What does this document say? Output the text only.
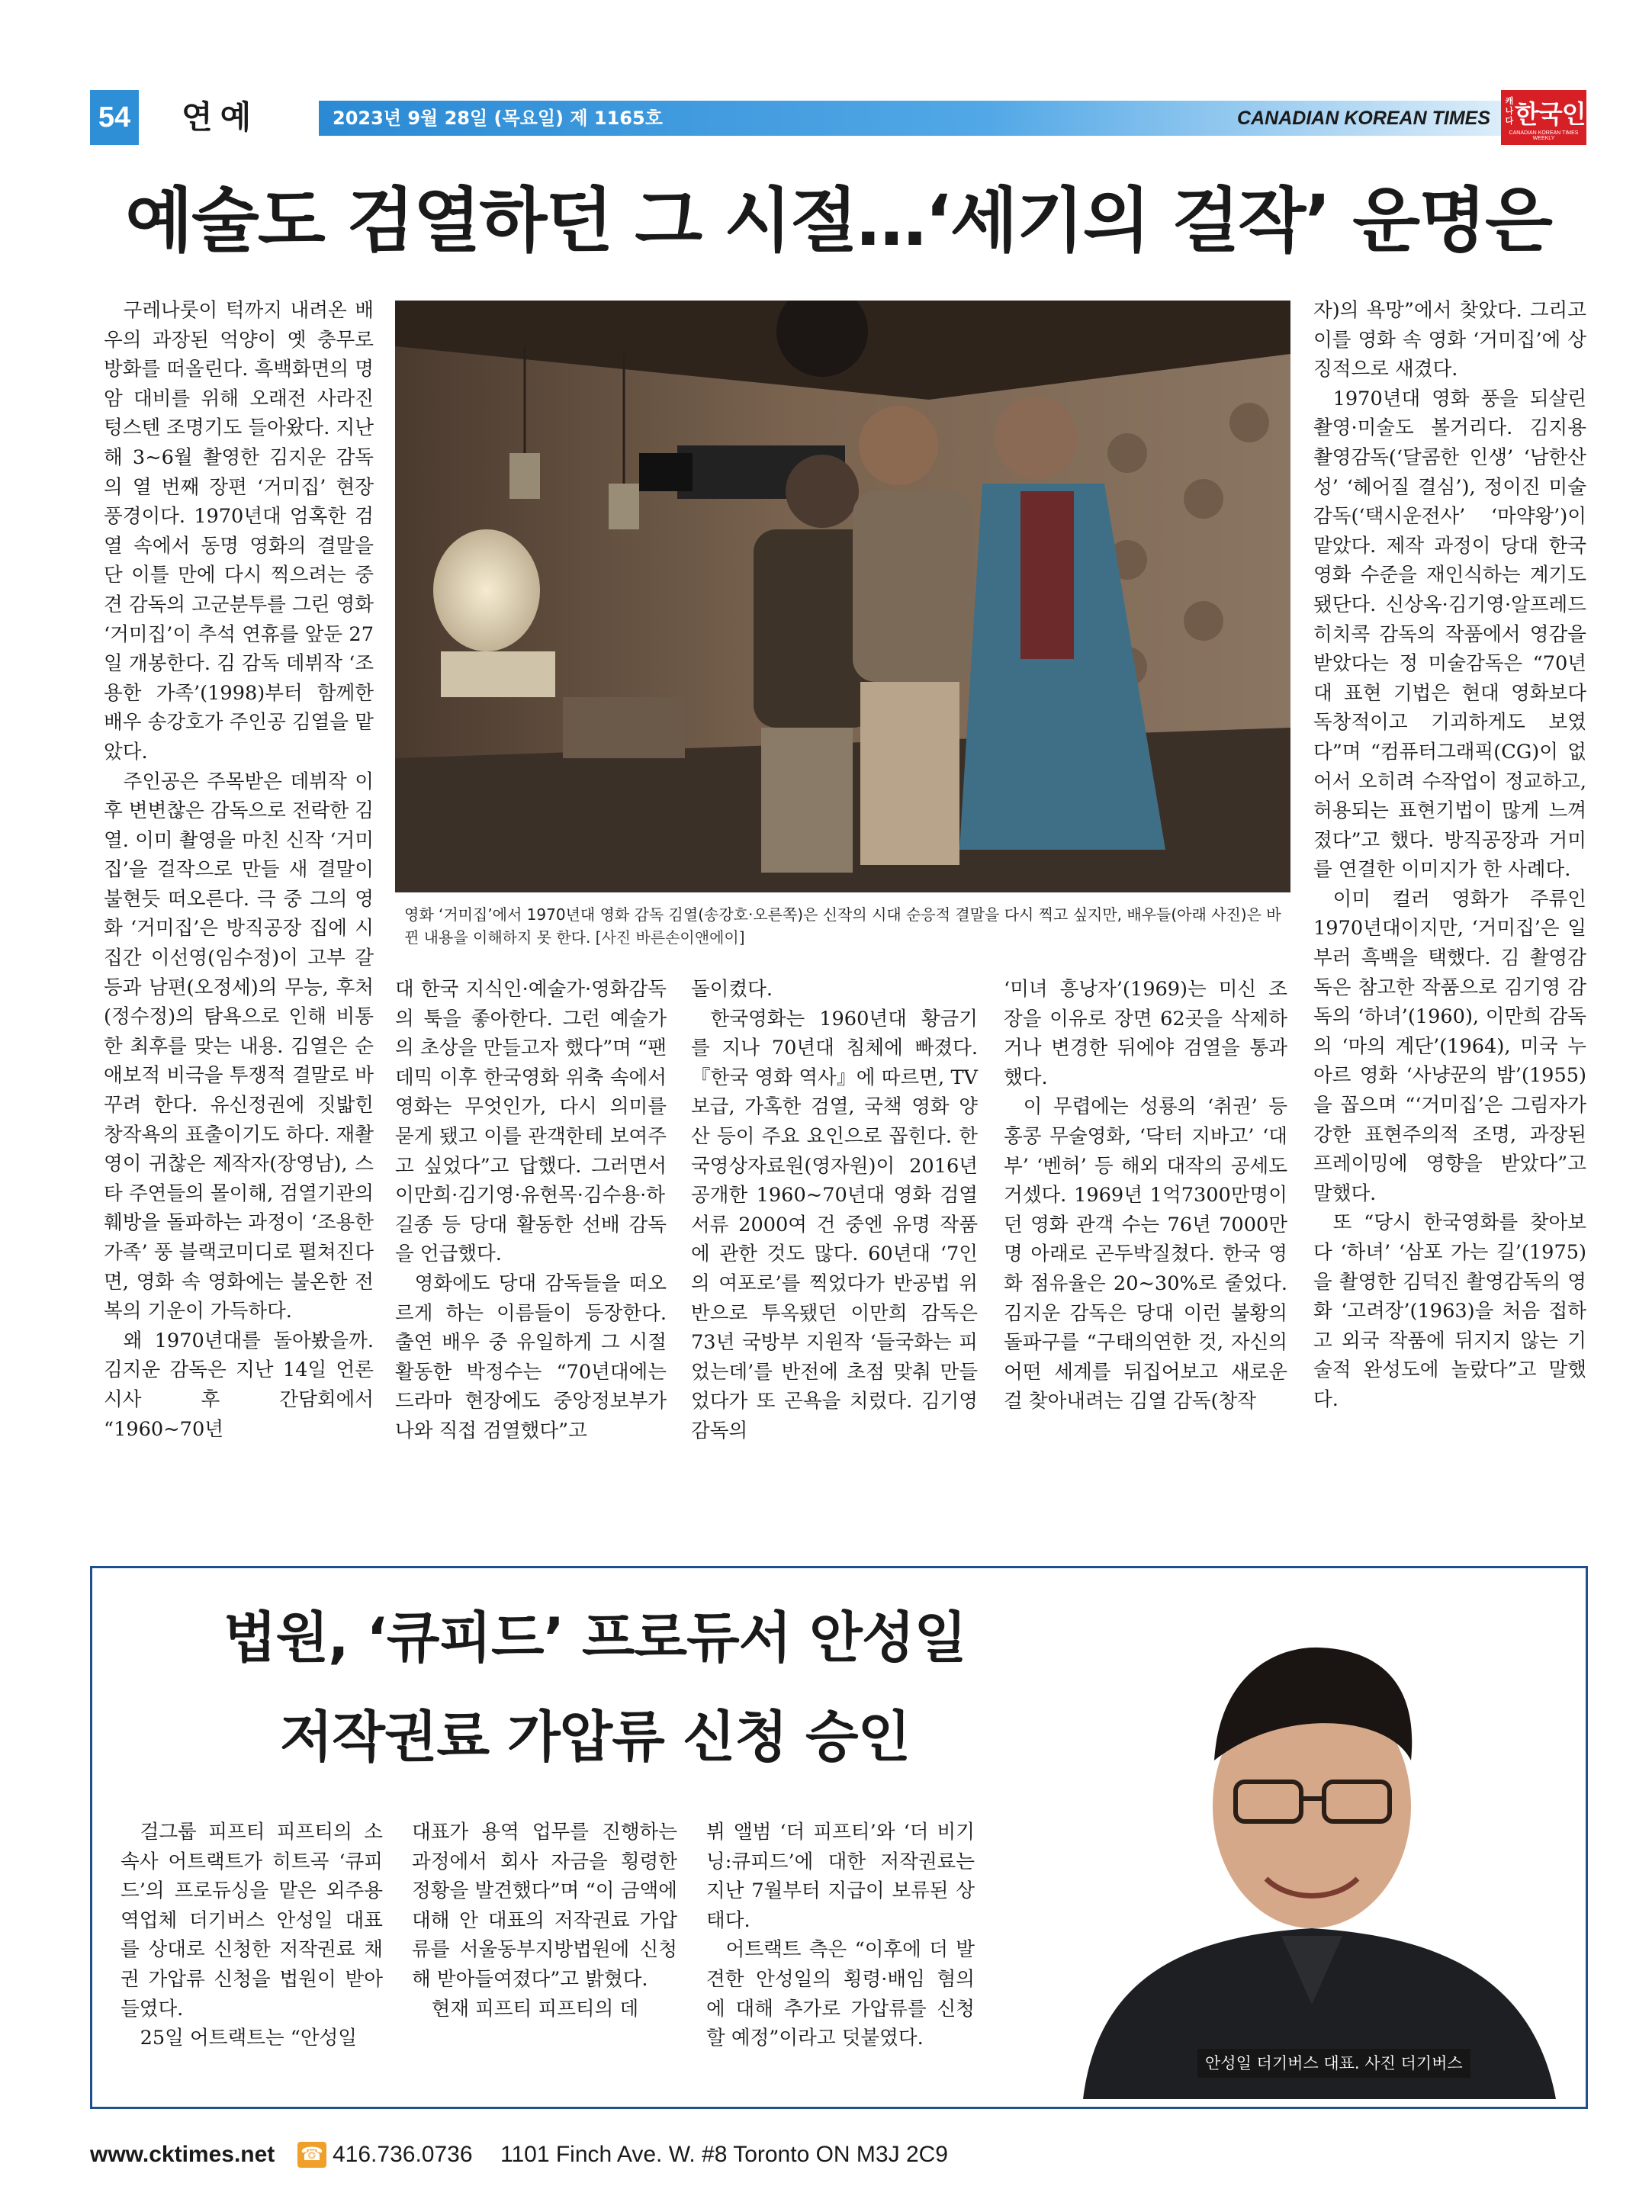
54 연예	2023년 9월 28일 (목요일) 제 1165호	CANADIAN KOREAN TIMES
캐나다 한국인
CANADIAN KOREAN TIMES WEEKLY
예술도 검열하던 그 시절…‘세기의 걸작’ 운명은

구레나룻이 턱까지 내려온 배우의 과장된 억양이 옛 충무로 방화를 떠올린다. 흑백화면의 명암 대비를 위해 오래전 사라진 텅스텐 조명기도 들아왔다. 지난해 3~6월 촬영한 김지운 감독의 열 번째 장편 ‘거미집’ 현장 풍경이다. 1970년대 엄혹한 검열 속에서 동명 영화의 결말을 단 이틀 만에 다시 찍으려는 중견 감독의 고군분투를 그린 영화 ‘거미집’이 추석 연휴를 앞둔 27일 개봉한다. 김 감독 데뷔작 ‘조용한 가족’(1998)부터 함께한 배우 송강호가 주인공 김열을 맡았다.

주인공은 주목받은 데뷔작 이후 변변찮은 감독으로 전락한 김열. 이미 촬영을 마친 신작 ‘거미집’을 걸작으로 만들 새 결말이 불현듯 떠오른다. 극 중 그의 영화 ‘거미집’은 방직공장 집에 시집간 이선영(임수정)이 고부 갈등과 남편(오정세)의 무능, 후처(정수정)의 탐욕으로 인해 비통한 최후를 맞는 내용. 김열은 순애보적 비극을 투쟁적 결말로 바꾸려 한다. 유신정권에 짓밟힌 창작욕의 표출이기도 하다. 재촬영이 귀찮은 제작자(장영남), 스타 주연들의 몰이해, 검열기관의 훼방을 돌파하는 과정이 ‘조용한 가족’ 풍 블랙코미디로 펼쳐진다면, 영화 속 영화에는 불온한 전복의 기운이 가득하다.

왜 1970년대를 돌아봤을까. 김지운 감독은 지난 14일 언론시사 후 간담회에서 “1960~70년

영화 ‘거미집’에서 1970년대 영화 감독 김열(송강호·오른쪽)은 신작의 시대 순응적 결말을 다시 찍고 싶지만, 배우들(아래 사진)은 바뀐 내용을 이해하지 못 한다. [사진 바른손이앤에이]

대 한국 지식인·예술가·영화감독의 툭을 좋아한다. 그런 예술가의 초상을 만들고자 했다”며 “팬데믹 이후 한국영화 위축 속에서 영화는 무엇인가, 다시 의미를 묻게 됐고 이를 관객한테 보여주고 싶었다”고 답했다. 그러면서 이만희·김기영·유현목·김수용·하길종 등 당대 활동한 선배 감독을 언급했다.

영화에도 당대 감독들을 떠오르게 하는 이름들이 등장한다. 출연 배우 중 유일하게 그 시절 활동한 박정수는 “70년대에는 드라마 현장에도 중앙정보부가 나와 직접 검열했다”고

돌이켰다.

한국영화는 1960년대 황금기를 지나 70년대 침체에 빠졌다. 『한국 영화 역사』에 따르면, TV 보급, 가혹한 검열, 국책 영화 양산 등이 주요 요인으로 꼽힌다. 한국영상자료원(영자원)이 2016년 공개한 1960~70년대 영화 검열서류 2000여 건 중엔 유명 작품에 관한 것도 많다. 60년대 ‘7인의 여포로’를 찍었다가 반공법 위반으로 투옥됐던 이만희 감독은 73년 국방부 지원작 ‘들국화는 피었는데’를 반전에 초점 맞춰 만들었다가 또 곤욕을 치렀다. 김기영 감독의

‘미녀 흥낭자’(1969)는 미신 조장을 이유로 장면 62곳을 삭제하거나 변경한 뒤에야 검열을 통과했다.

이 무렵에는 성룡의 ‘취권’ 등 홍콩 무술영화, ‘닥터 지바고’ ‘대부’ ‘벤허’ 등 해외 대작의 공세도 거셌다. 1969년 1억7300만명이던 영화 관객 수는 76년 7000만명 아래로 곤두박질쳤다. 한국 영화 점유율은 20~30%로 줄었다. 김지운 감독은 당대 이런 불황의 돌파구를 “구태의연한 것, 자신의 어떤 세계를 뒤집어보고 새로운 걸 찾아내려는 김열 감독(창작

자)의 욕망”에서 찾았다. 그리고 이를 영화 속 영화 ‘거미집’에 상징적으로 새겼다.

1970년대 영화 풍을 되살린 촬영·미술도 볼거리다. 김지용 촬영감독(‘달콤한 인생’ ‘남한산성’ ‘헤어질 결심’), 정이진 미술감독(‘택시운전사’ ‘마약왕’)이 맡았다. 제작 과정이 당대 한국영화 수준을 재인식하는 계기도 됐단다. 신상옥·김기영·알프레드 히치콕 감독의 작품에서 영감을 받았다는 정 미술감독은 “70년대 표현 기법은 현대 영화보다 독창적이고 기괴하게도 보였다”며 “컴퓨터그래픽(CG)이 없어서 오히려 수작업이 정교하고, 허용되는 표현기법이 많게 느껴졌다”고 했다. 방직공장과 거미를 연결한 이미지가 한 사례다.

이미 컬러 영화가 주류인 1970년대이지만, ‘거미집’은 일부러 흑백을 택했다. 김 촬영감독은 참고한 작품으로 김기영 감독의 ‘하녀’(1960), 이만희 감독의 ‘마의 계단’(1964), 미국 누아르 영화 ‘사냥꾼의 밤’(1955)을 꼽으며 “‘거미집’은 그림자가 강한 표현주의적 조명, 과장된 프레이밍에 영향을 받았다”고 말했다.

또 “당시 한국영화를 찾아보다 ‘하녀’ ‘삼포 가는 길’(1975)을 촬영한 김덕진 촬영감독의 영화 ‘고려장’(1963)을 처음 접하고 외국 작품에 뒤지지 않는 기술적 완성도에 놀랐다”고 말했다.

법원, ‘큐피드’ 프로듀서 안성일
저작권료 가압류 신청 승인

걸그룹 피프티 피프티의 소속사 어트랙트가 히트곡 ‘큐피드’의 프로듀싱을 맡은 외주용역업체 더기버스 안성일 대표를 상대로 신청한 저작권료 채권 가압류 신청을 법원이 받아들였다.

25일 어트랙트는 “안성일

대표가 용역 업무를 진행하는 과정에서 회사 자금을 횡령한 정황을 발견했다”며 “이 금액에 대해 안 대표의 저작권료 가압류를 서울동부지방법원에 신청해 받아들여졌다”고 밝혔다.

현재 피프티 피프티의 데

뷔 앨범 ‘더 피프티’와 ‘더 비기닝:큐피드’에 대한 저작권료는 지난 7월부터 지급이 보류된 상태다.

어트랙트 측은 “이후에 더 발견한 안성일의 횡령·배임 혐의에 대해 추가로 가압류를 신청할 예정”이라고 덧붙였다.

안성일 더기버스 대표. 사진 더기버스
www.cktimes.net ☎ 416.736.0736 1101 Finch Ave. W. #8 Toronto ON M3J 2C9
